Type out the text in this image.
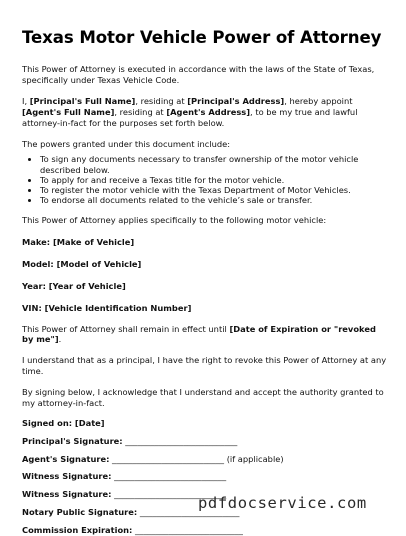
Texas Motor Vehicle Power of Attorney

This Power of Attorney is executed in accordance with the laws of the State of Texas, specifically under Texas Vehicle Code.

I, [Principal's Full Name], residing at [Principal's Address], hereby appoint [Agent's Full Name], residing at [Agent's Address], to be my true and lawful attorney-in-fact for the purposes set forth below.

The powers granted under this document include:

• To sign any documents necessary to transfer ownership of the motor vehicle described below.
• To apply for and receive a Texas title for the motor vehicle.
• To register the motor vehicle with the Texas Department of Motor Vehicles.
• To endorse all documents related to the vehicle’s sale or transfer.

This Power of Attorney applies specifically to the following motor vehicle:

Make: [Make of Vehicle]
Model: [Model of Vehicle]
Year: [Year of Vehicle]
VIN: [Vehicle Identification Number]

This Power of Attorney shall remain in effect until [Date of Expiration or "revoked by me"].

I understand that as a principal, I have the right to revoke this Power of Attorney at any time.

By signing below, I acknowledge that I understand and accept the authority granted to my attorney-in-fact.

Signed on: [Date]
Principal's Signature: ___________________________
Agent's Signature: ___________________________ (if applicable)
Witness Signature: ___________________________
Witness Signature: ___________________________
Notary Public Signature: ________________________
Commission Expiration: __________________________
pdfdocservice.com
